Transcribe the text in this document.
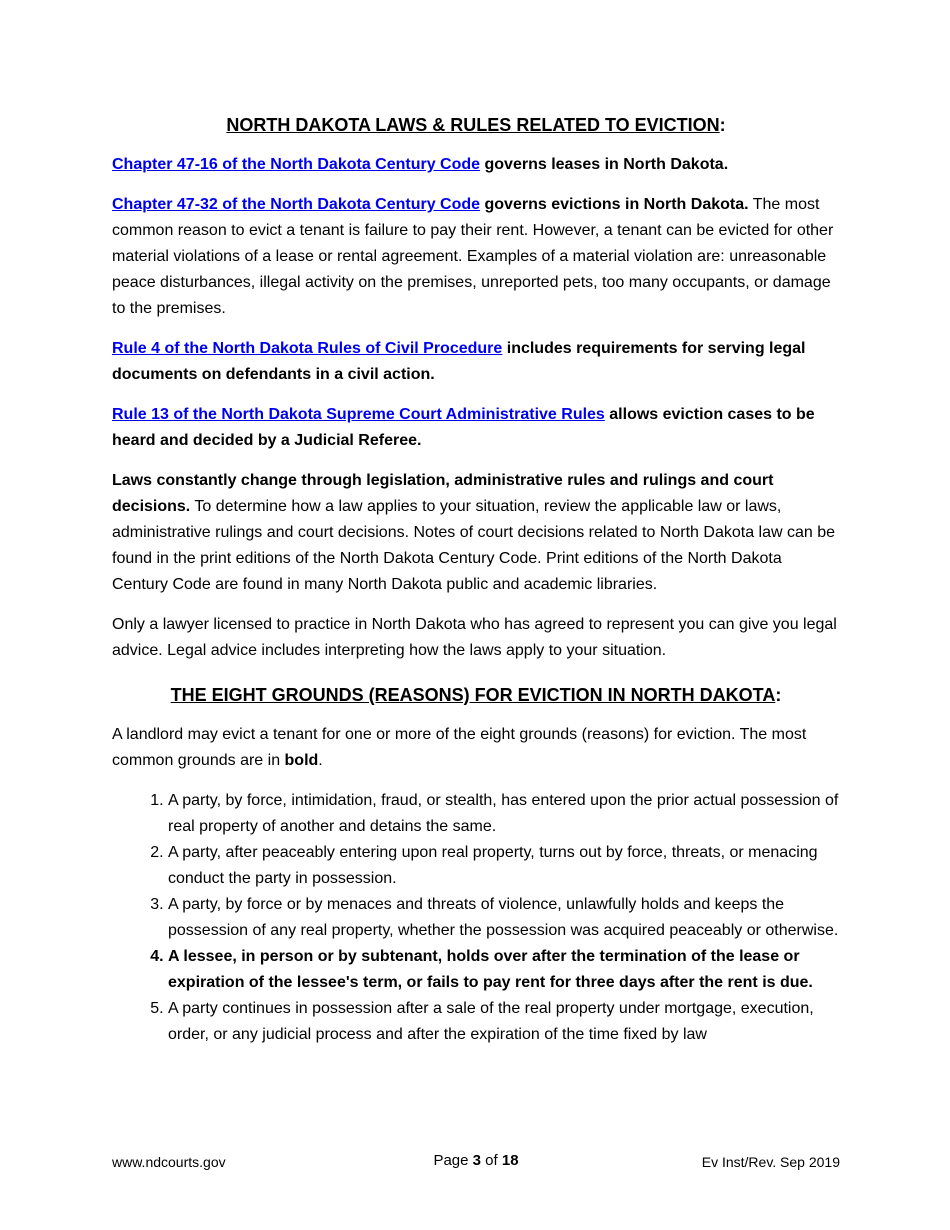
NORTH DAKOTA LAWS & RULES RELATED TO EVICTION:

Chapter 47-16 of the North Dakota Century Code governs leases in North Dakota.

Chapter 47-32 of the North Dakota Century Code governs evictions in North Dakota. The most common reason to evict a tenant is failure to pay their rent. However, a tenant can be evicted for other material violations of a lease or rental agreement. Examples of a material violation are: unreasonable peace disturbances, illegal activity on the premises, unreported pets, too many occupants, or damage to the premises.

Rule 4 of the North Dakota Rules of Civil Procedure includes requirements for serving legal documents on defendants in a civil action.

Rule 13 of the North Dakota Supreme Court Administrative Rules allows eviction cases to be heard and decided by a Judicial Referee.

Laws constantly change through legislation, administrative rules and rulings and court decisions. To determine how a law applies to your situation, review the applicable law or laws, administrative rulings and court decisions. Notes of court decisions related to North Dakota law can be found in the print editions of the North Dakota Century Code. Print editions of the North Dakota Century Code are found in many North Dakota public and academic libraries.

Only a lawyer licensed to practice in North Dakota who has agreed to represent you can give you legal advice. Legal advice includes interpreting how the laws apply to your situation.

THE EIGHT GROUNDS (REASONS) FOR EVICTION IN NORTH DAKOTA:

A landlord may evict a tenant for one or more of the eight grounds (reasons) for eviction. The most common grounds are in bold.

1. A party, by force, intimidation, fraud, or stealth, has entered upon the prior actual possession of real property of another and detains the same.
2. A party, after peaceably entering upon real property, turns out by force, threats, or menacing conduct the party in possession.
3. A party, by force or by menaces and threats of violence, unlawfully holds and keeps the possession of any real property, whether the possession was acquired peaceably or otherwise.
4. A lessee, in person or by subtenant, holds over after the termination of the lease or expiration of the lessee's term, or fails to pay rent for three days after the rent is due.
5. A party continues in possession after a sale of the real property under mortgage, execution, order, or any judicial process and after the expiration of the time fixed by law
www.ndcourts.gov	Page 3 of 18	Ev Inst/Rev. Sep 2019
